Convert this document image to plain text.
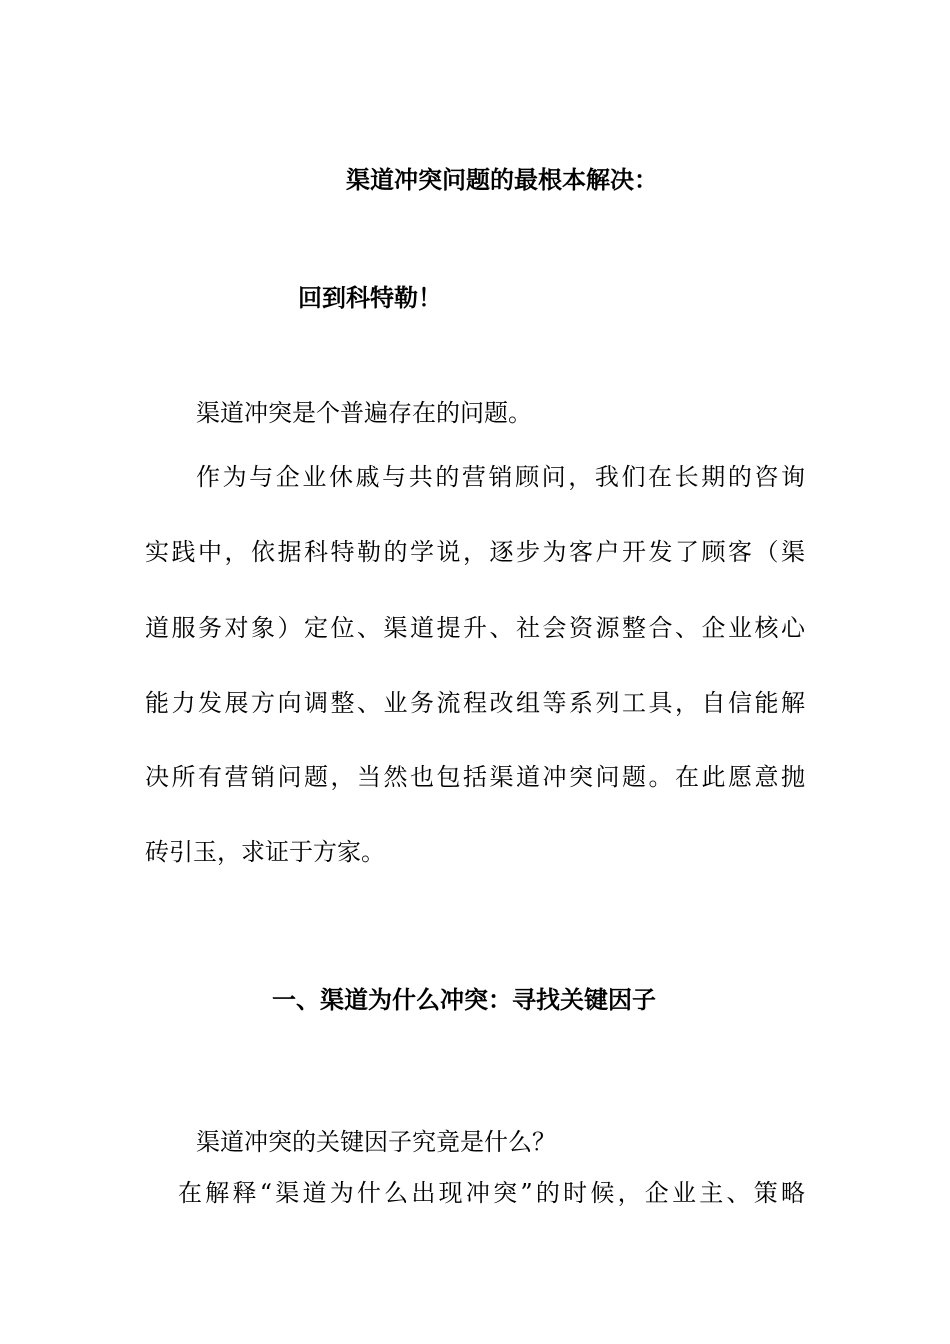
渠道冲突问题的最根本解决：
回到科特勒！

渠道冲突是个普遍存在的问题。

作为与企业休戚与共的营销顾问，我们在长期的咨询

实践中，依据科特勒的学说，逐步为客户开发了顾客（渠

道服务对象）定位、渠道提升、社会资源整合、企业核心

能力发展方向调整、业务流程改组等系列工具，自信能解

决所有营销问题，当然也包括渠道冲突问题。在此愿意抛

砖引玉，求证于方家。

一、渠道为什么冲突：寻找关键因子

渠道冲突的关键因子究竟是什么？

在解释“渠道为什么出现冲突”的时候，企业主、策略
